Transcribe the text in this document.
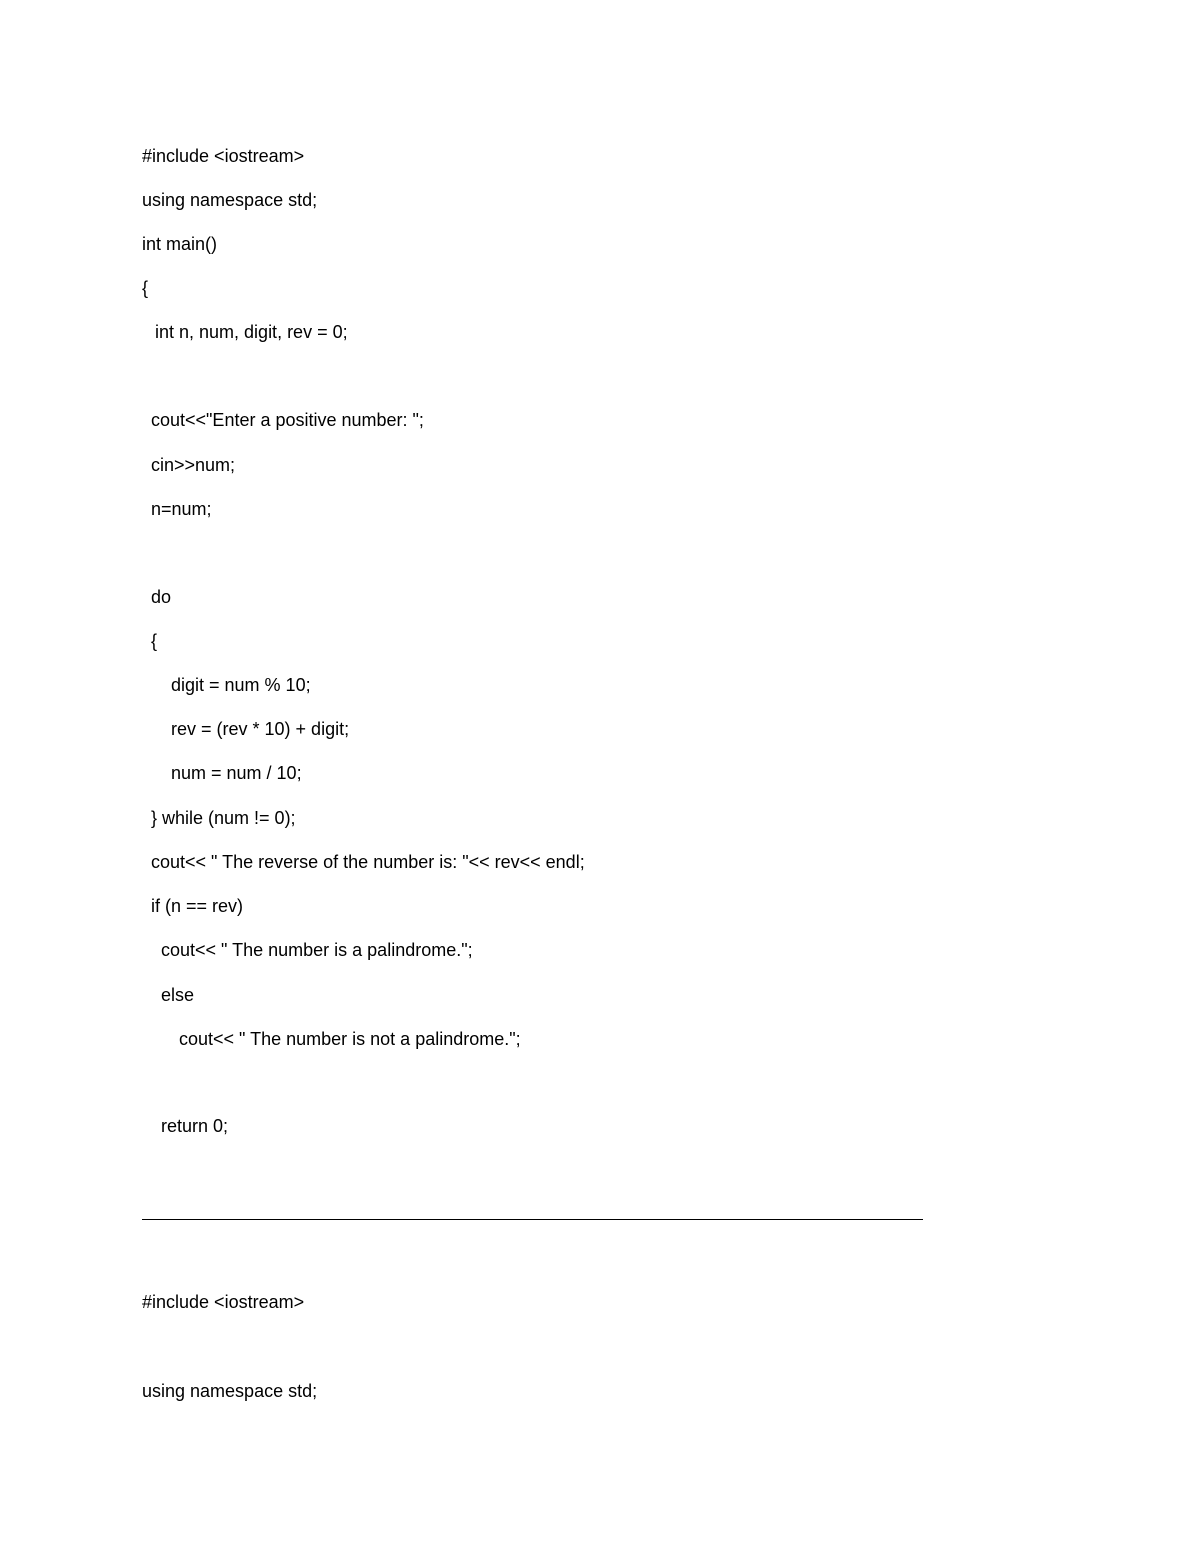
#include <iostream>
using namespace std;
int main()
{
int n, num, digit, rev = 0;
cout<<"Enter a positive number: ";
cin>>num;
n=num;
do
{
digit = num % 10;
rev = (rev * 10) + digit;
num = num / 10;
} while (num != 0);
cout<< " The reverse of the number is: "<< rev<< endl;
if (n == rev)
cout<< " The number is a palindrome.";
else
cout<< " The number is not a palindrome.";
return 0;
#include <iostream>
using namespace std;
